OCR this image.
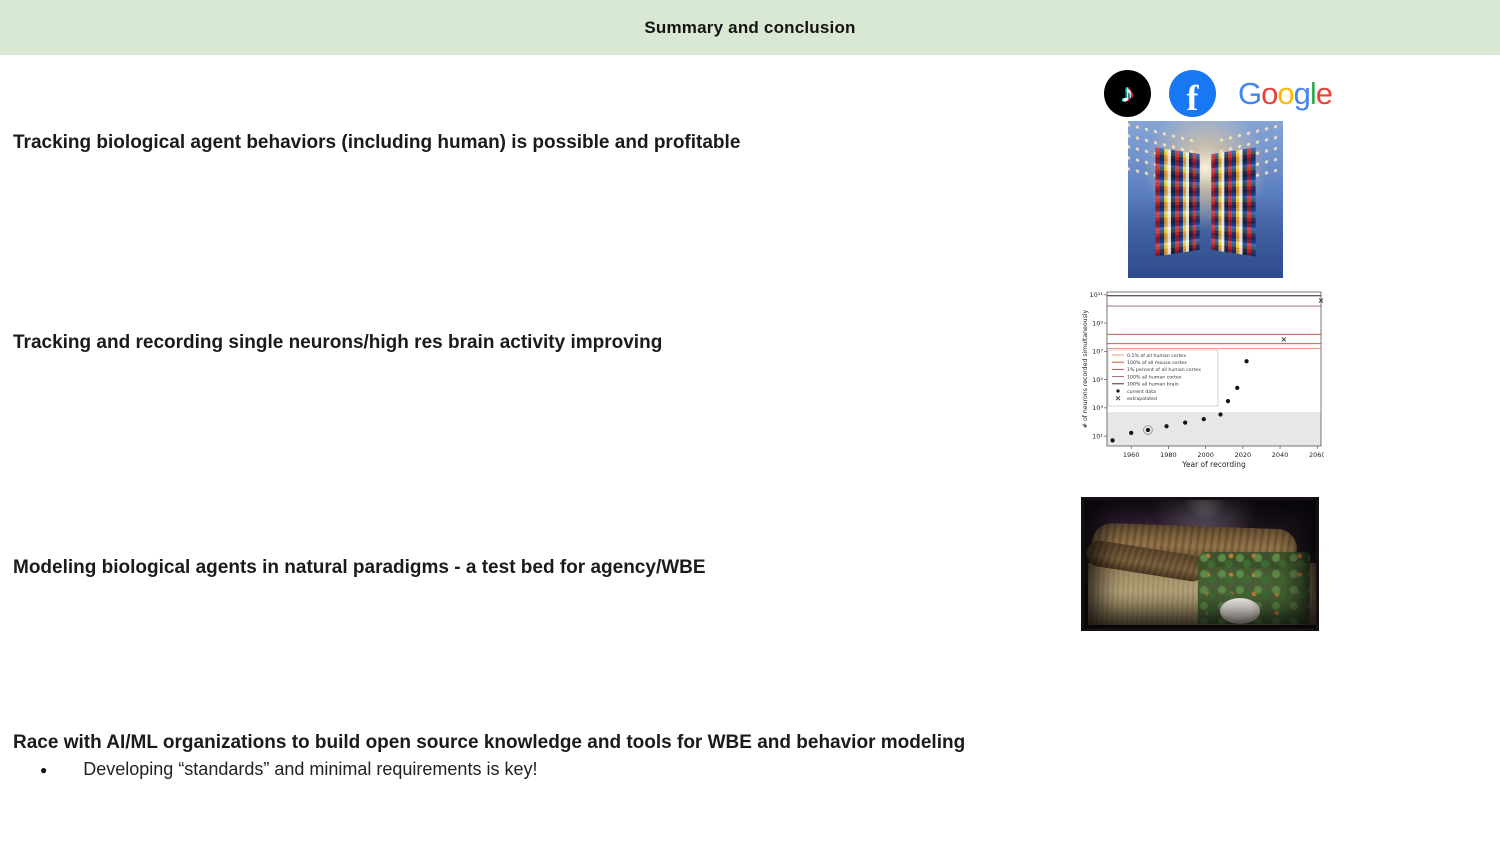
Summary and conclusion
Tracking biological agent behaviors (including human) is possible and profitable
Tracking and recording single neurons/high res brain activity improving
Modeling biological agents in natural paradigms - a test bed for agency/WBE
Race with AI/ML organizations to build open source knowledge and tools for WBE and behavior modeling
● Developing “standards” and minimal requirements is key!
♪ f G o o g l e
10¹
10³
10⁵
10⁷
10⁹
10¹¹
1960	1980	2000	2020	2040	2060
Year of recording
# of neurons recorded simultaneously	0.1% of all human cortex
100% of all mouse cortex
1% percent of all human cortex
100% all human cortex
100% all human brain
current data
extrapolated
